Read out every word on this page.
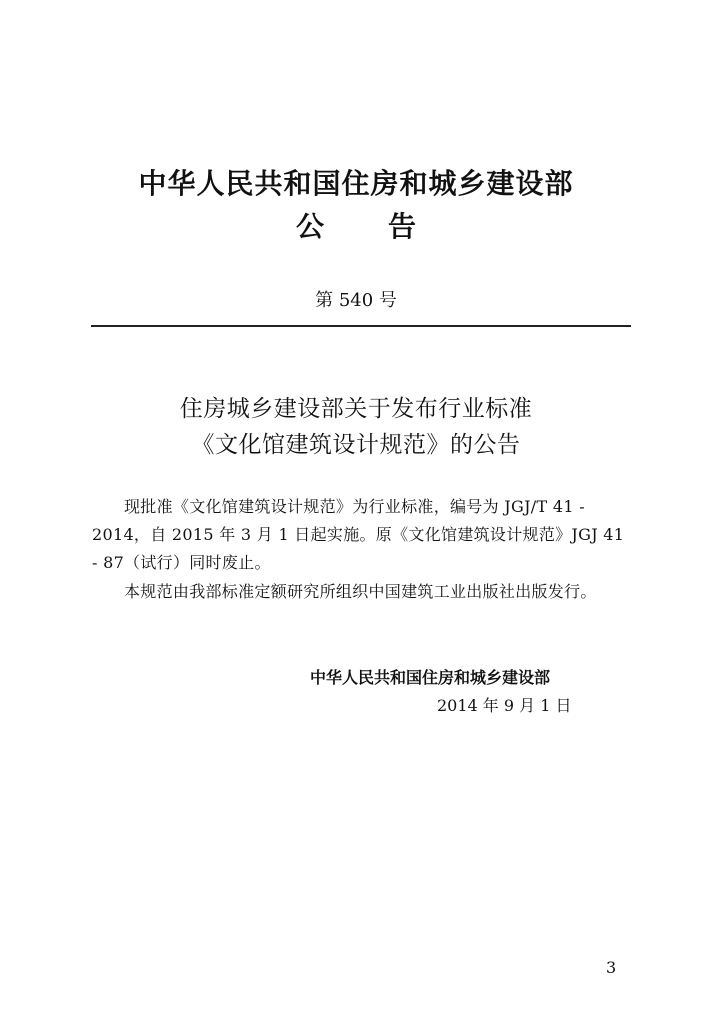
中华人民共和国住房和城乡建设部
公 告
第 540 号
住房城乡建设部关于发布行业标准
《文化馆建筑设计规范》的公告
现批准《文化馆建筑设计规范》为行业标准，编号为 JGJ/T 41 - 2014，自 2015 年 3 月 1 日起实施。原《文化馆建筑设计规范》JGJ 41 - 87（试行）同时废止。
本规范由我部标准定额研究所组织中国建筑工业出版社出版发行。
中华人民共和国住房和城乡建设部
2014 年 9 月 1 日
3
